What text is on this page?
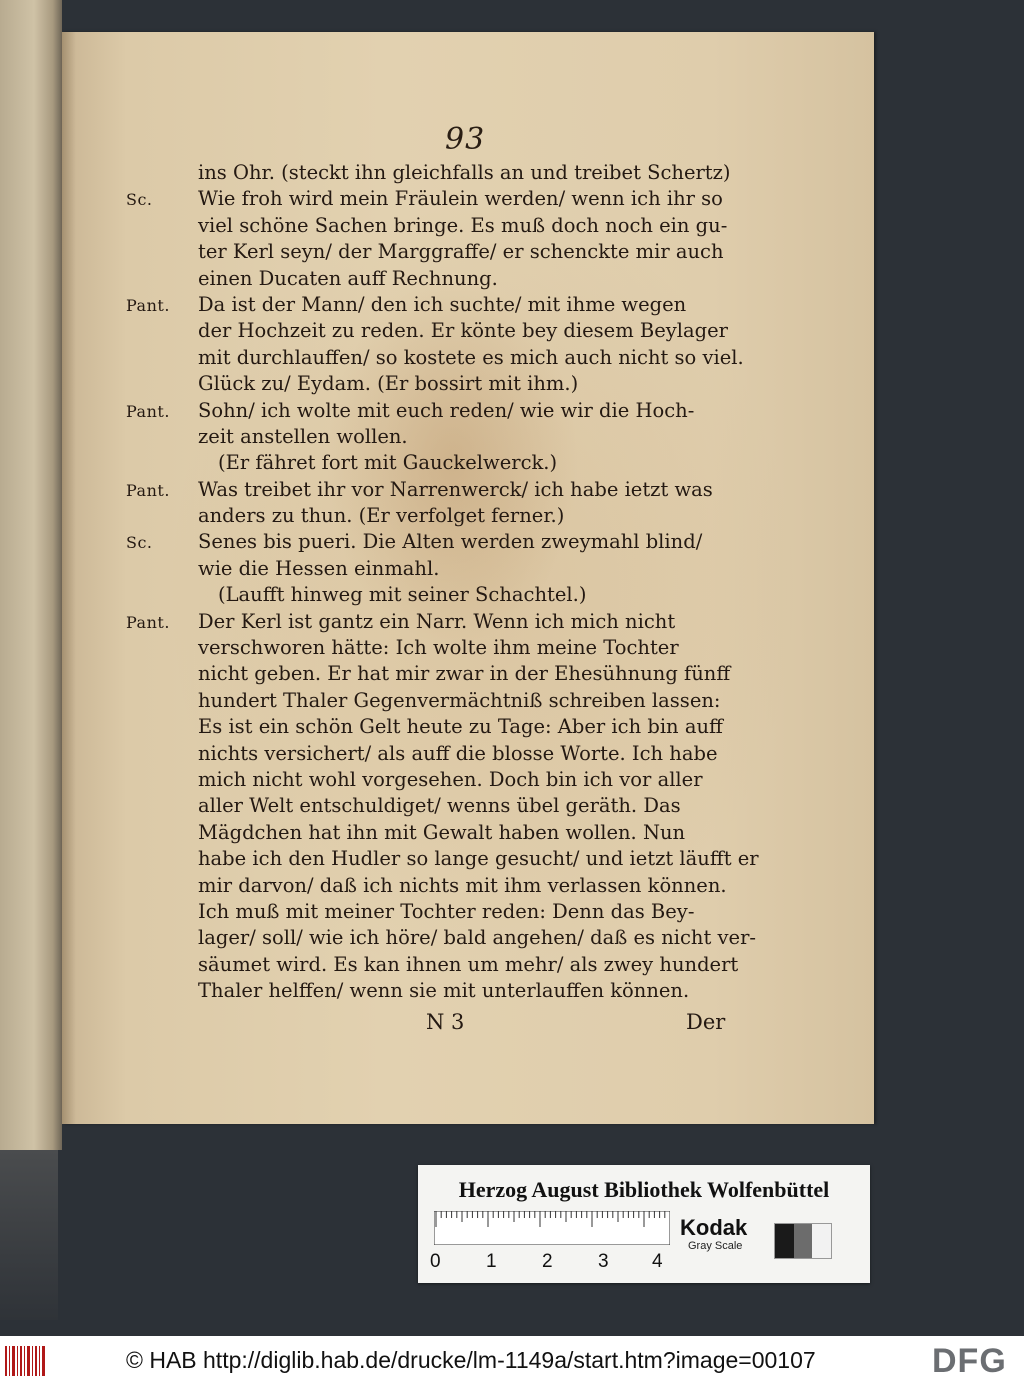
93
ins Ohr. (steckt ihn gleichfalls an und treibet Schertz)
Sc. Wie froh wird mein Fräulein werden/ wenn ich ihr so
viel schöne Sachen bringe. Es muß doch noch ein gu-
ter Kerl seyn/ der Marggraffe/ er schenckte mir auch
einen Ducaten auff Rechnung.
Pant. Da ist der Mann/ den ich suchte/ mit ihme wegen
der Hochzeit zu reden. Er könte bey diesem Beylager
mit durchlauffen/ so kostete es mich auch nicht so viel.
Glück zu/ Eydam. (Er bossirt mit ihm.)
Pant. Sohn/ ich wolte mit euch reden/ wie wir die Hoch-
zeit anstellen wollen.
(Er fähret fort mit Gauckelwerck.)
Pant. Was treibet ihr vor Narrenwerck/ ich habe ietzt was
anders zu thun. (Er verfolget ferner.)
Sc. Senes bis pueri. Die Alten werden zweymahl blind/
wie die Hessen einmahl.
(Laufft hinweg mit seiner Schachtel.)
Pant. Der Kerl ist gantz ein Narr. Wenn ich mich nicht
verschworen hätte: Ich wolte ihm meine Tochter
nicht geben. Er hat mir zwar in der Ehesühnung fünff
hundert Thaler Gegenvermächtniß schreiben lassen:
Es ist ein schön Gelt heute zu Tage: Aber ich bin auff
nichts versichert/ als auff die blosse Worte. Ich habe
mich nicht wohl vorgesehen. Doch bin ich vor aller
aller Welt entschuldiget/ wenns übel geräth. Das
Mägdchen hat ihn mit Gewalt haben wollen. Nun
habe ich den Hudler so lange gesucht/ und ietzt läufft er
mir darvon/ daß ich nichts mit ihm verlassen können.
Ich muß mit meiner Tochter reden: Denn das Bey-
lager/ soll/ wie ich höre/ bald angehen/ daß es nicht ver-
säumet wird. Es kan ihnen um mehr/ als zwey hundert
Thaler helffen/ wenn sie mit unterlauffen können.
N 3	Der
Herzog August Bibliothek Wolfenbüttel
0 1 2 3 4
Kodak
Gray Scale
© HAB http://diglib.hab.de/drucke/lm-1149a/start.htm?image=00107	DFG
